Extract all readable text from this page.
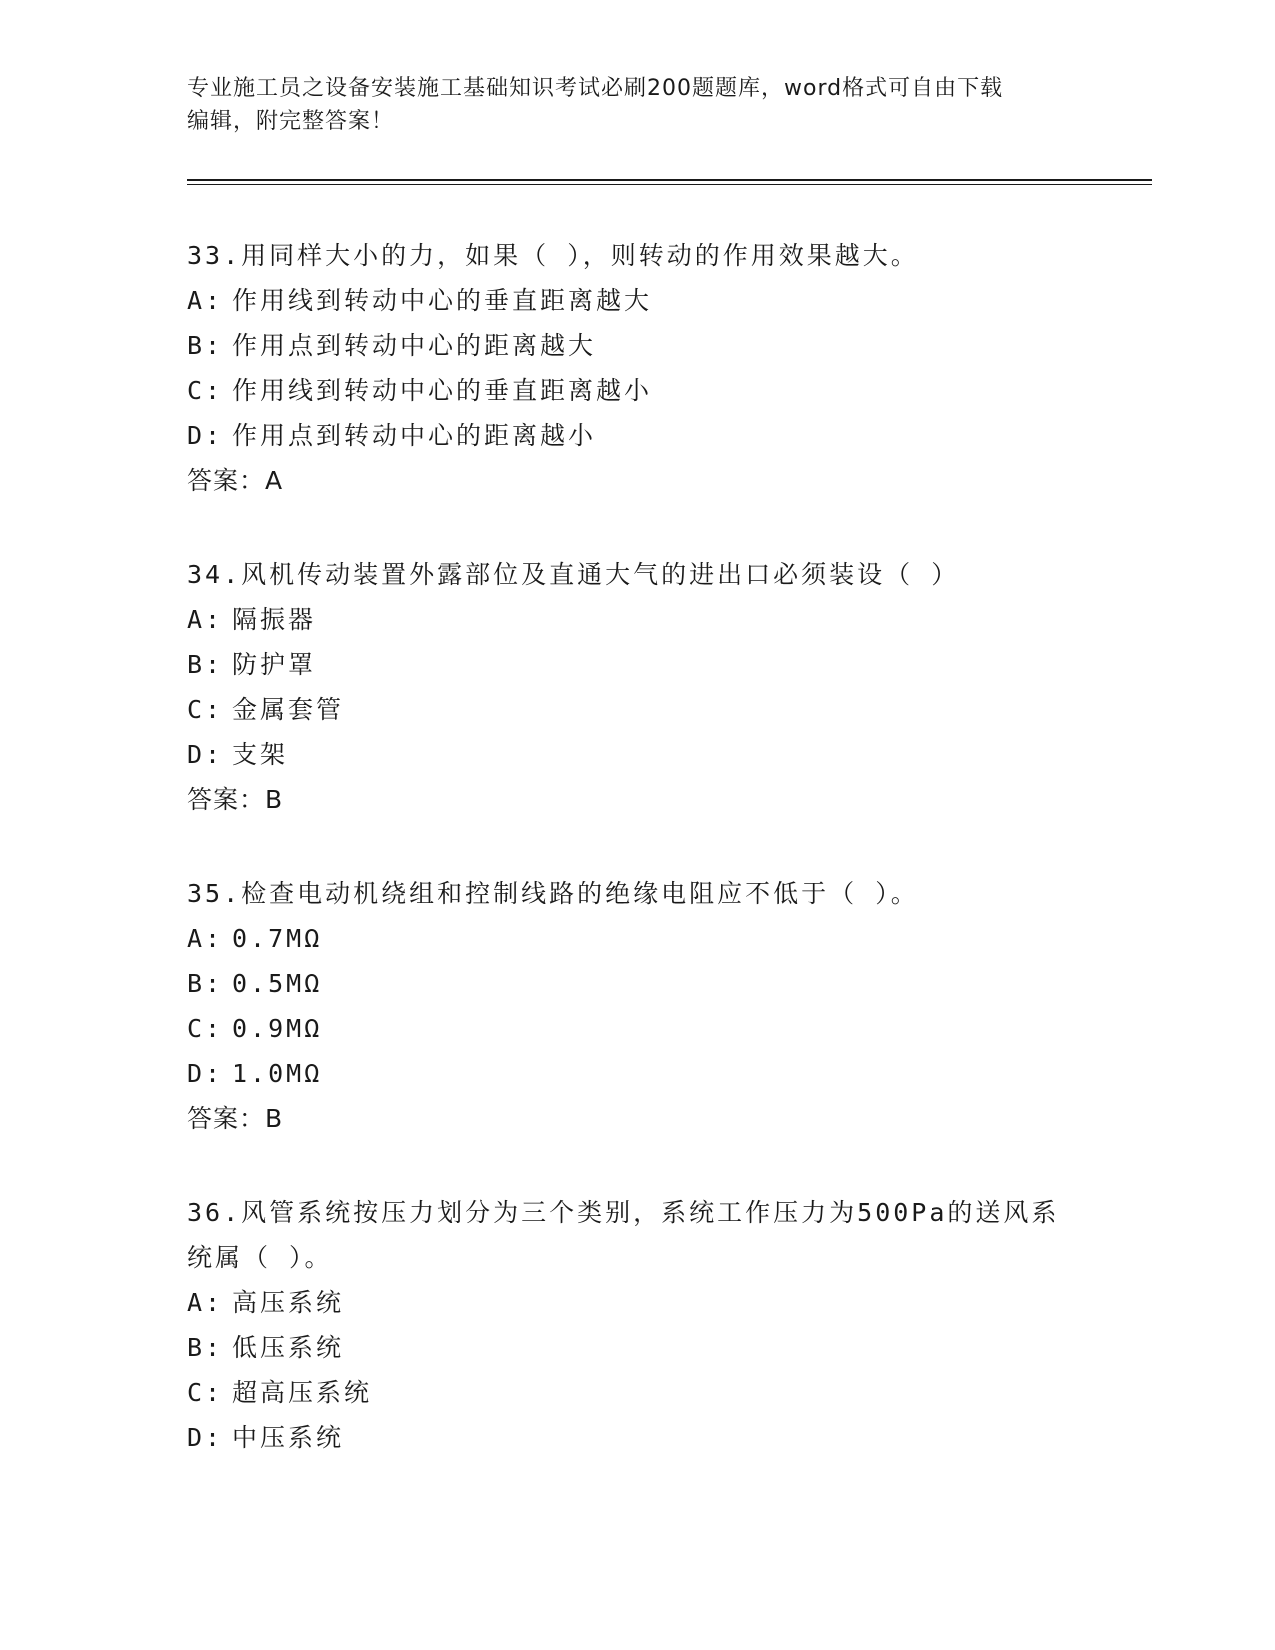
专业施工员之设备安装施工基础知识考试必刷200题题库，word格式可自由下载
编辑，附完整答案！
33.用同样大小的力，如果（ ），则转动的作用效果越大。
A: 作用线到转动中心的垂直距离越大
B: 作用点到转动中心的距离越大
C: 作用线到转动中心的垂直距离越小
D: 作用点到转动中心的距离越小
答案：A
34.风机传动装置外露部位及直通大气的进出口必须装设（ ）
A: 隔振器
B: 防护罩
C: 金属套管
D: 支架
答案：B
35.检查电动机绕组和控制线路的绝缘电阻应不低于（ ）。
A: 0.7MΩ
B: 0.5MΩ
C: 0.9MΩ
D: 1.0MΩ
答案：B
36.风管系统按压力划分为三个类别，系统工作压力为500Pa的送风系统属（ ）。
A: 高压系统
B: 低压系统
C: 超高压系统
D: 中压系统
